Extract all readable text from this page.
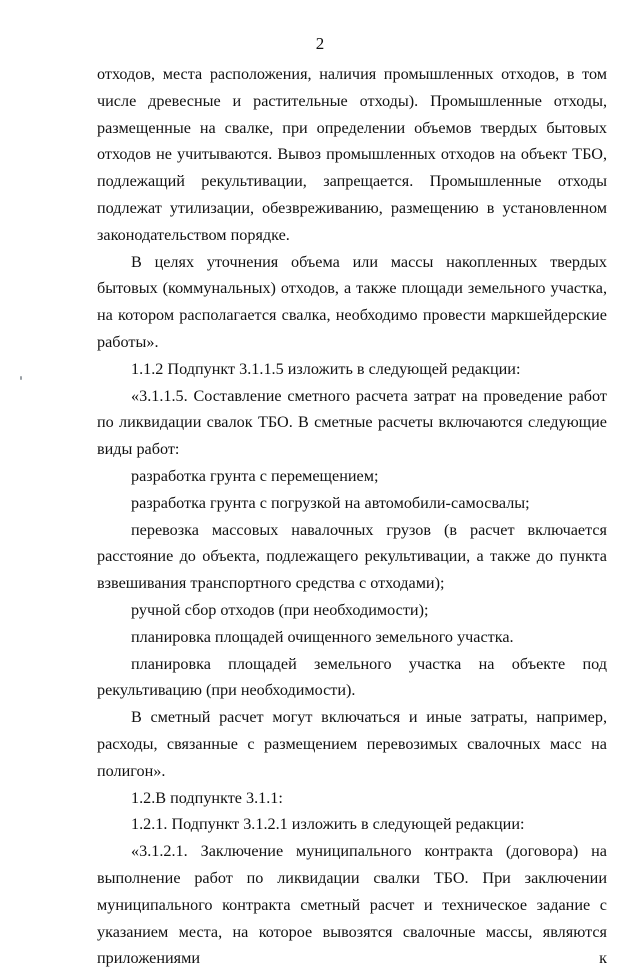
2

отходов, места расположения, наличия промышленных отходов, в том числе древесные и растительные отходы). Промышленные отходы, размещенные на свалке, при определении объемов твердых бытовых отходов не учитываются. Вывоз промышленных отходов на объект ТБО, подлежащий рекультивации, запрещается. Промышленные отходы подлежат утилизации, обезвреживанию, размещению в установленном законодательством порядке.

В целях уточнения объема или массы накопленных твердых бытовых (коммунальных) отходов, а также площади земельного участка, на котором располагается свалка, необходимо провести маркшейдерские работы».

1.1.2 Подпункт 3.1.1.5 изложить в следующей редакции:

«3.1.1.5. Составление сметного расчета затрат на проведение работ по ликвидации свалок ТБО. В сметные расчеты включаются следующие виды работ:

разработка грунта с перемещением;

разработка грунта с погрузкой на автомобили-самосвалы;

перевозка массовых навалочных грузов (в расчет включается расстояние до объекта, подлежащего рекультивации, а также до пункта взвешивания транспортного средства с отходами);

ручной сбор отходов (при необходимости);

планировка площадей очищенного земельного участка.

планировка площадей земельного участка на объекте под рекультивацию (при необходимости).

В сметный расчет могут включаться и иные затраты, например, расходы, связанные с размещением перевозимых свалочных масс на полигон».

1.2.В подпункте 3.1.1:

1.2.1. Подпункт 3.1.2.1 изложить в следующей редакции:

«3.1.2.1. Заключение муниципального контракта (договора) на выполнение работ по ликвидации свалки ТБО. При заключении муниципального контракта сметный расчет и техническое задание с указанием места, на которое вывозятся свалочные массы, являются приложениями к
